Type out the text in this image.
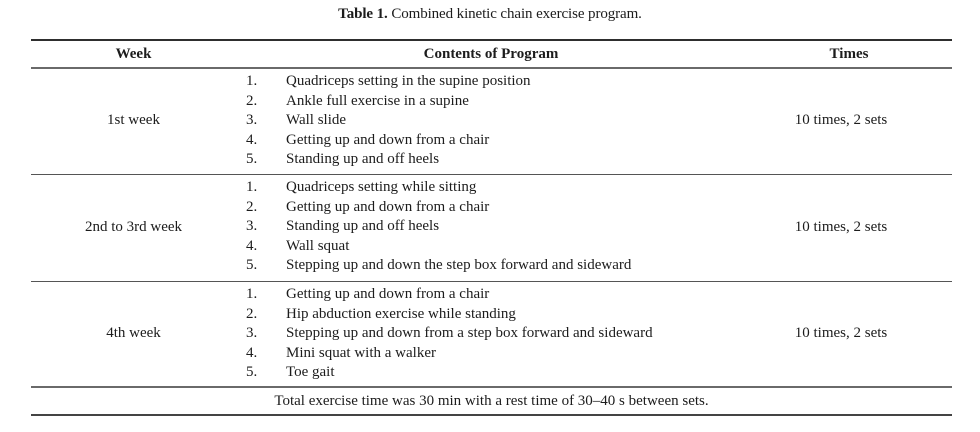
Table 1. Combined kinetic chain exercise program.
Week	Contents of Program	Times
1st week
1. Quadriceps setting in the supine position
2. Ankle full exercise in a supine
3. Wall slide
4. Getting up and down from a chair
5. Standing up and off heels
10 times, 2 sets
2nd to 3rd week
1. Quadriceps setting while sitting
2. Getting up and down from a chair
3. Standing up and off heels
4. Wall squat
5. Stepping up and down the step box forward and sideward
10 times, 2 sets
4th week
1. Getting up and down from a chair
2. Hip abduction exercise while standing
3. Stepping up and down from a step box forward and sideward
4. Mini squat with a walker
5. Toe gait
10 times, 2 sets
Total exercise time was 30 min with a rest time of 30–40 s between sets.
